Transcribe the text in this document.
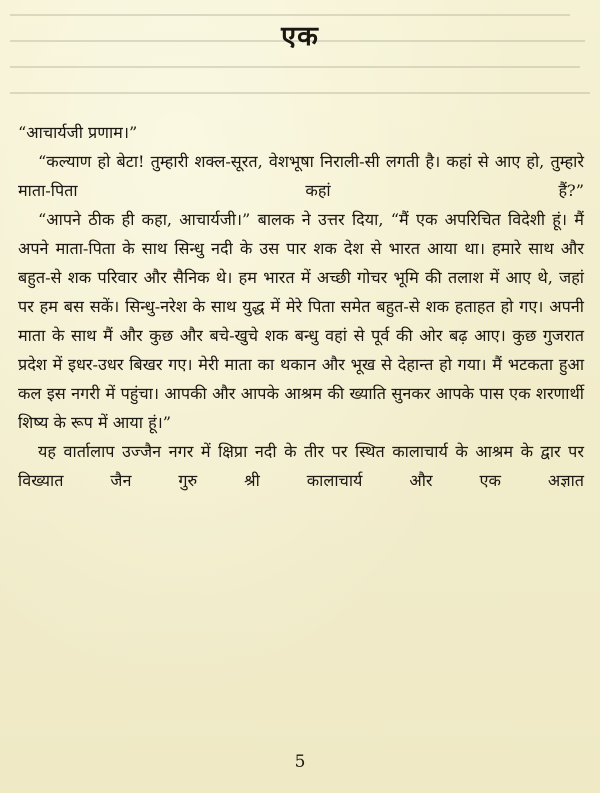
एक

“आचार्यजी प्रणाम।”

“कल्याण हो बेटा! तुम्हारी शक्ल-सूरत, वेशभूषा निराली-सी लगती है। कहां से आए हो, तुम्हारे माता-पिता कहां हैं?”

“आपने ठीक ही कहा, आचार्यजी।” बालक ने उत्तर दिया, “मैं एक अपरिचित विदेशी हूं। मैं अपने माता-पिता के साथ सिन्धु नदी के उस पार शक देश से भारत आया था। हमारे साथ और बहुत-से शक परिवार और सैनिक थे। हम भारत में अच्छी गोचर भूमि की तलाश में आए थे, जहां पर हम बस सकें। सिन्धु-नरेश के साथ युद्ध में मेरे पिता समेत बहुत-से शक हताहत हो गए। अपनी माता के साथ मैं और कुछ और बचे-खुचे शक बन्धु वहां से पूर्व की ओर बढ़ आए। कुछ गुजरात प्रदेश में इधर-उधर बिखर गए। मेरी माता का थकान और भूख से देहान्त हो गया। मैं भटकता हुआ कल इस नगरी में पहुंचा। आपकी और आपके आश्रम की ख्याति सुनकर आपके पास एक शरणार्थी शिष्य के रूप में आया हूं।”

यह वार्तालाप उज्जैन नगर में क्षिप्रा नदी के तीर पर स्थित कालाचार्य के आश्रम के द्वार पर विख्यात जैन गुरु श्री कालाचार्य और एक अज्ञात

5
